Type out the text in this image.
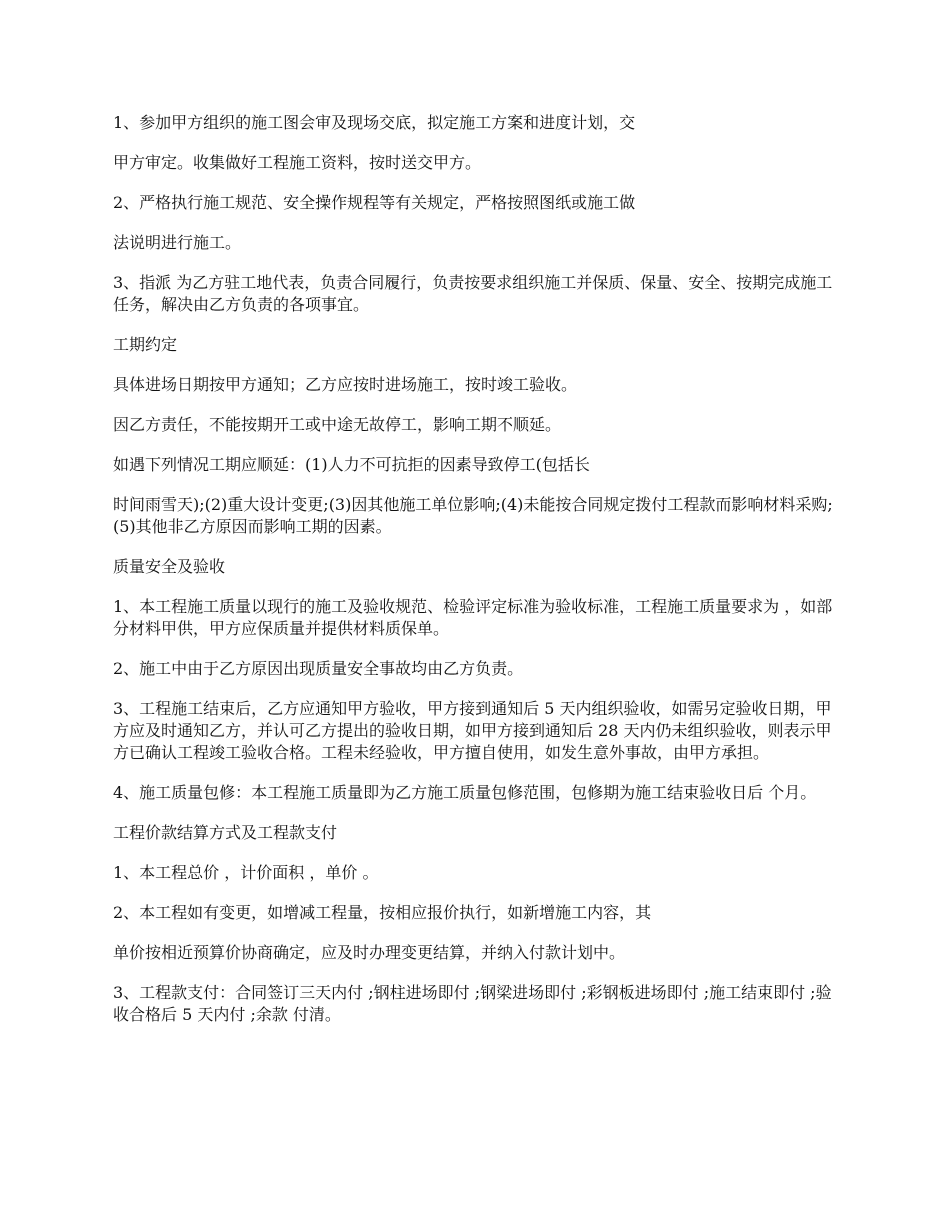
1、参加甲方组织的施工图会审及现场交底，拟定施工方案和进度计划，交

甲方审定。收集做好工程施工资料，按时送交甲方。

2、严格执行施工规范、安全操作规程等有关规定，严格按照图纸或施工做

法说明进行施工。

3、指派 为乙方驻工地代表，负责合同履行，负责按要求组织施工并保质、保量、安全、按期完成施工任务，解决由乙方负责的各项事宜。

工期约定

具体进场日期按甲方通知；乙方应按时进场施工，按时竣工验收。

因乙方责任，不能按期开工或中途无故停工，影响工期不顺延。

如遇下列情况工期应顺延：(1)人力不可抗拒的因素导致停工(包括长

时间雨雪天);(2)重大设计变更;(3)因其他施工单位影响;(4)未能按合同规定拨付工程款而影响材料采购;(5)其他非乙方原因而影响工期的因素。

质量安全及验收

1、本工程施工质量以现行的施工及验收规范、检验评定标准为验收标准，工程施工质量要求为 ，如部分材料甲供，甲方应保质量并提供材料质保单。

2、施工中由于乙方原因出现质量安全事故均由乙方负责。

3、工程施工结束后，乙方应通知甲方验收，甲方接到通知后 5 天内组织验收，如需另定验收日期，甲方应及时通知乙方，并认可乙方提出的验收日期，如甲方接到通知后 28 天内仍未组织验收，则表示甲方已确认工程竣工验收合格。工程未经验收，甲方擅自使用，如发生意外事故，由甲方承担。

4、施工质量包修：本工程施工质量即为乙方施工质量包修范围，包修期为施工结束验收日后 个月。

工程价款结算方式及工程款支付

1、本工程总价 ，计价面积 ，单价 。

2、本工程如有变更，如增减工程量，按相应报价执行，如新增施工内容，其

单价按相近预算价协商确定，应及时办理变更结算，并纳入付款计划中。

3、工程款支付：合同签订三天内付 ;钢柱进场即付 ;钢梁进场即付 ;彩钢板进场即付 ;施工结束即付 ;验收合格后 5 天内付 ;余款 付清。
